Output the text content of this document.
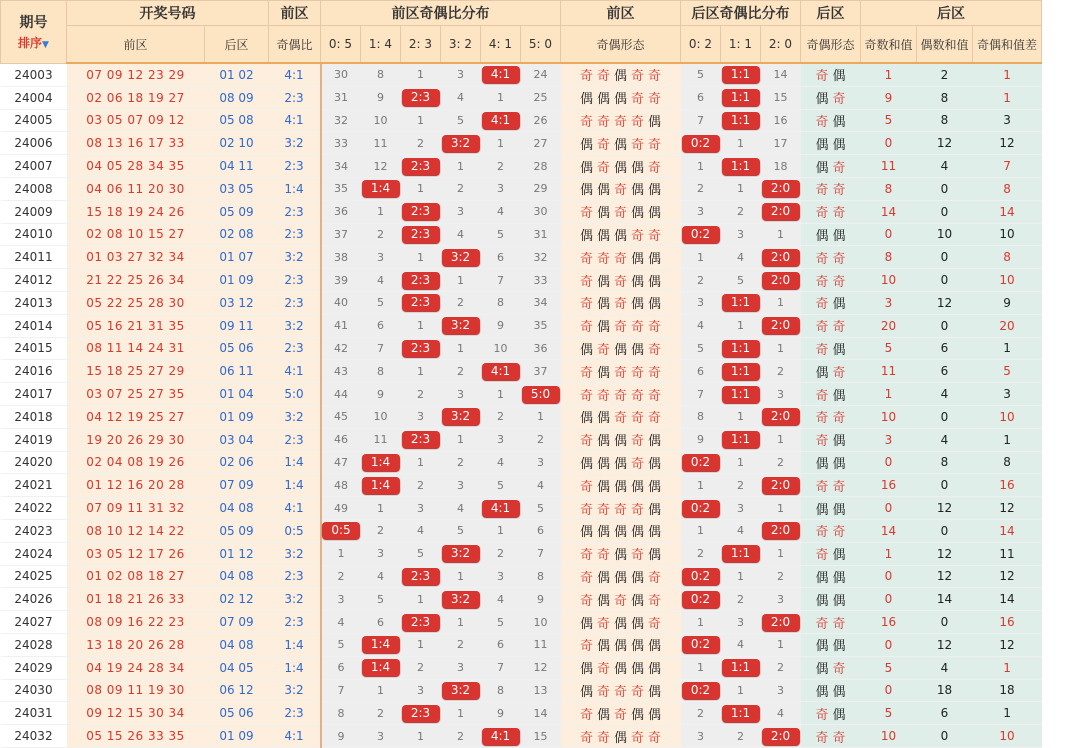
期号
排序▼	开奖号码		前区	前区奇偶比分布						前区	后区奇偶比分布			后区	后区		
	前区	后区	奇偶比	0: 5	1: 4	2: 3	3: 2	4: 1	5: 0	奇偶形态	0: 2	1: 1	2: 0	奇偶形态	奇数和值	偶数和值	奇偶和值差
24003	07 09 12 23 29	01 02	4:1	30	8	1	3	4:1	24	奇 奇 偶 奇 奇	5	1:1	14	奇 偶	1	2	1
24004	02 06 18 19 27	08 09	2:3	31	9	2:3	4	1	25	偶 偶 偶 奇 奇	6	1:1	15	偶 奇	9	8	1
24005	03 05 07 09 12	05 08	4:1	32	10	1	5	4:1	26	奇 奇 奇 奇 偶	7	1:1	16	奇 偶	5	8	3
24006	08 13 16 17 33	02 10	3:2	33	11	2	3:2	1	27	偶 奇 偶 奇 奇	0:2	1	17	偶 偶	0	12	12
24007	04 05 28 34 35	04 11	2:3	34	12	2:3	1	2	28	偶 奇 偶 偶 奇	1	1:1	18	偶 奇	11	4	7
24008	04 06 11 20 30	03 05	1:4	35	1:4	1	2	3	29	偶 偶 奇 偶 偶	2	1	2:0	奇 奇	8	0	8
24009	15 18 19 24 26	05 09	2:3	36	1	2:3	3	4	30	奇 偶 奇 偶 偶	3	2	2:0	奇 奇	14	0	14
24010	02 08 10 15 27	02 08	2:3	37	2	2:3	4	5	31	偶 偶 偶 奇 奇	0:2	3	1	偶 偶	0	10	10
24011	01 03 27 32 34	01 07	3:2	38	3	1	3:2	6	32	奇 奇 奇 偶 偶	1	4	2:0	奇 奇	8	0	8
24012	21 22 25 26 34	01 09	2:3	39	4	2:3	1	7	33	奇 偶 奇 偶 偶	2	5	2:0	奇 奇	10	0	10
24013	05 22 25 28 30	03 12	2:3	40	5	2:3	2	8	34	奇 偶 奇 偶 偶	3	1:1	1	奇 偶	3	12	9
24014	05 16 21 31 35	09 11	3:2	41	6	1	3:2	9	35	奇 偶 奇 奇 奇	4	1	2:0	奇 奇	20	0	20
24015	08 11 14 24 31	05 06	2:3	42	7	2:3	1	10	36	偶 奇 偶 偶 奇	5	1:1	1	奇 偶	5	6	1
24016	15 18 25 27 29	06 11	4:1	43	8	1	2	4:1	37	奇 偶 奇 奇 奇	6	1:1	2	偶 奇	11	6	5
24017	03 07 25 27 35	01 04	5:0	44	9	2	3	1	5:0	奇 奇 奇 奇 奇	7	1:1	3	奇 偶	1	4	3
24018	04 12 19 25 27	01 09	3:2	45	10	3	3:2	2	1	偶 偶 奇 奇 奇	8	1	2:0	奇 奇	10	0	10
24019	19 20 26 29 30	03 04	2:3	46	11	2:3	1	3	2	奇 偶 偶 奇 偶	9	1:1	1	奇 偶	3	4	1
24020	02 04 08 19 26	02 06	1:4	47	1:4	1	2	4	3	偶 偶 偶 奇 偶	0:2	1	2	偶 偶	0	8	8
24021	01 12 16 20 28	07 09	1:4	48	1:4	2	3	5	4	奇 偶 偶 偶 偶	1	2	2:0	奇 奇	16	0	16
24022	07 09 11 31 32	04 08	4:1	49	1	3	4	4:1	5	奇 奇 奇 奇 偶	0:2	3	1	偶 偶	0	12	12
24023	08 10 12 14 22	05 09	0:5	0:5	2	4	5	1	6	偶 偶 偶 偶 偶	1	4	2:0	奇 奇	14	0	14
24024	03 05 12 17 26	01 12	3:2	1	3	5	3:2	2	7	奇 奇 偶 奇 偶	2	1:1	1	奇 偶	1	12	11
24025	01 02 08 18 27	04 08	2:3	2	4	2:3	1	3	8	奇 偶 偶 偶 奇	0:2	1	2	偶 偶	0	12	12
24026	01 18 21 26 33	02 12	3:2	3	5	1	3:2	4	9	奇 偶 奇 偶 奇	0:2	2	3	偶 偶	0	14	14
24027	08 09 16 22 23	07 09	2:3	4	6	2:3	1	5	10	偶 奇 偶 偶 奇	1	3	2:0	奇 奇	16	0	16
24028	13 18 20 26 28	04 08	1:4	5	1:4	1	2	6	11	奇 偶 偶 偶 偶	0:2	4	1	偶 偶	0	12	12
24029	04 19 24 28 34	04 05	1:4	6	1:4	2	3	7	12	偶 奇 偶 偶 偶	1	1:1	2	偶 奇	5	4	1
24030	08 09 11 19 30	06 12	3:2	7	1	3	3:2	8	13	偶 奇 奇 奇 偶	0:2	1	3	偶 偶	0	18	18
24031	09 12 15 30 34	05 06	2:3	8	2	2:3	1	9	14	奇 偶 奇 偶 偶	2	1:1	4	奇 偶	5	6	1
24032	05 15 26 33 35	01 09	4:1	9	3	1	2	4:1	15	奇 奇 偶 奇 奇	3	2	2:0	奇 奇	10	0	10
